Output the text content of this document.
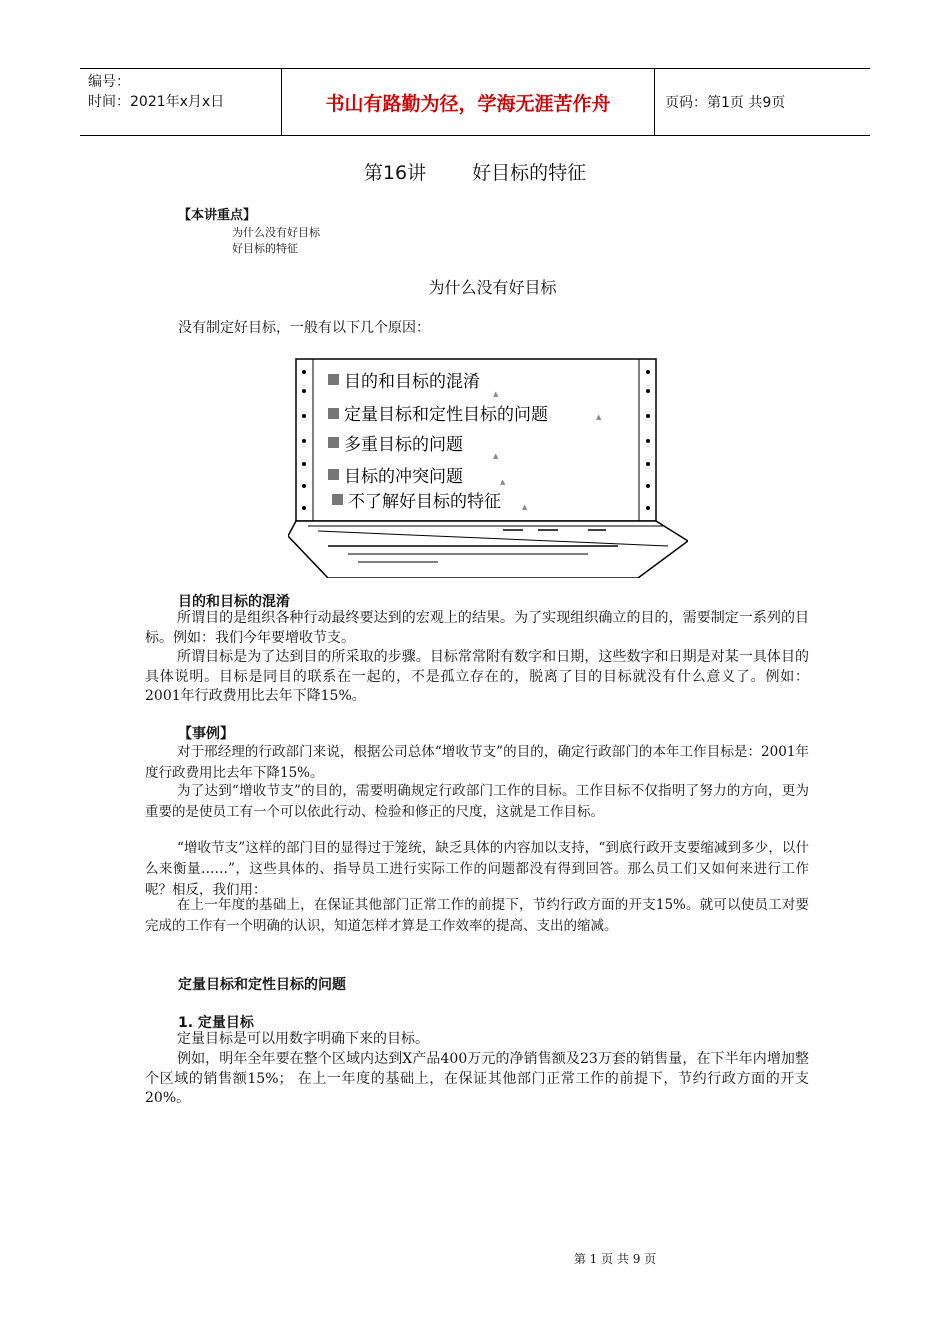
编号：
时间：2021年x月x日	书山有路勤为径，学海无涯苦作舟	页码：第1页 共9页
第16讲 好目标的特征
【本讲重点】
为什么没有好目标
好目标的特征
为什么没有好目标
没有制定好目标，一般有以下几个原因：
目的和目标的混淆
定量目标和定性目标的问题
多重目标的问题
目标的冲突问题
不了解好目标的特征
▲
▲
▲
▲
▲
目的和目标的混淆
所谓目的是组织各种行动最终要达到的宏观上的结果。为了实现组织确立的目的，需要制定一系列的目标。例如：我们今年要增收节支。
所谓目标是为了达到目的所采取的步骤。目标常常附有数字和日期，这些数字和日期是对某一具体目的具体说明。目标是同目的联系在一起的，不是孤立存在的，脱离了目的目标就没有什么意义了。例如：2001年行政费用比去年下降15%。
【事例】
对于邢经理的行政部门来说，根据公司总体“增收节支”的目的，确定行政部门的本年工作目标是：2001年度行政费用比去年下降15%。
为了达到“增收节支”的目的，需要明确规定行政部门工作的目标。工作目标不仅指明了努力的方向，更为重要的是使员工有一个可以依此行动、检验和修正的尺度，这就是工作目标。
“增收节支”这样的部门目的显得过于笼统，缺乏具体的内容加以支持，“到底行政开支要缩减到多少，以什么来衡量……”，这些具体的、指导员工进行实际工作的问题都没有得到回答。那么员工们又如何来进行工作呢？相反，我们用：
在上一年度的基础上，在保证其他部门正常工作的前提下，节约行政方面的开支15%。就可以使员工对要完成的工作有一个明确的认识，知道怎样才算是工作效率的提高、支出的缩减。
定量目标和定性目标的问题
1. 定量目标
定量目标是可以用数字明确下来的目标。
例如，明年全年要在整个区域内达到X产品400万元的净销售额及23万套的销售量，在下半年内增加整个区域的销售额15%； 在上一年度的基础上，在保证其他部门正常工作的前提下，节约行政方面的开支20%。
第 1 页 共 9 页
